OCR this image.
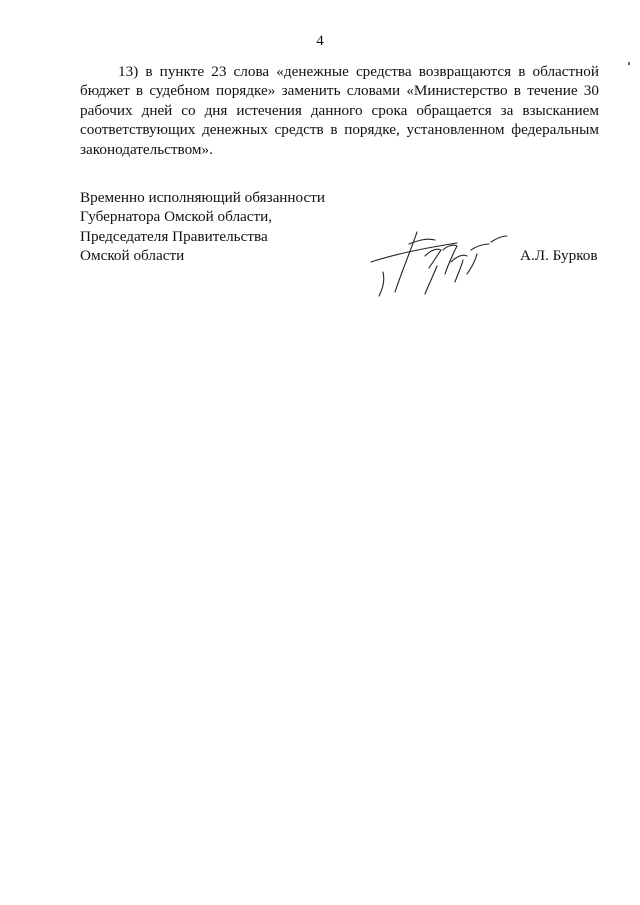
4

13) в пункте 23 слова «денежные средства возвращаются в областной бюджет в судебном порядке» заменить словами «Министерство в течение 30 рабочих дней со дня истечения данного срока обращается за взысканием соответствующих денежных средств в порядке, установленном федеральным законодательством».

Временно исполняющий обязанности
Губернатора Омской области,
Председателя Правительства
Омской области	А.Л. Бурков
